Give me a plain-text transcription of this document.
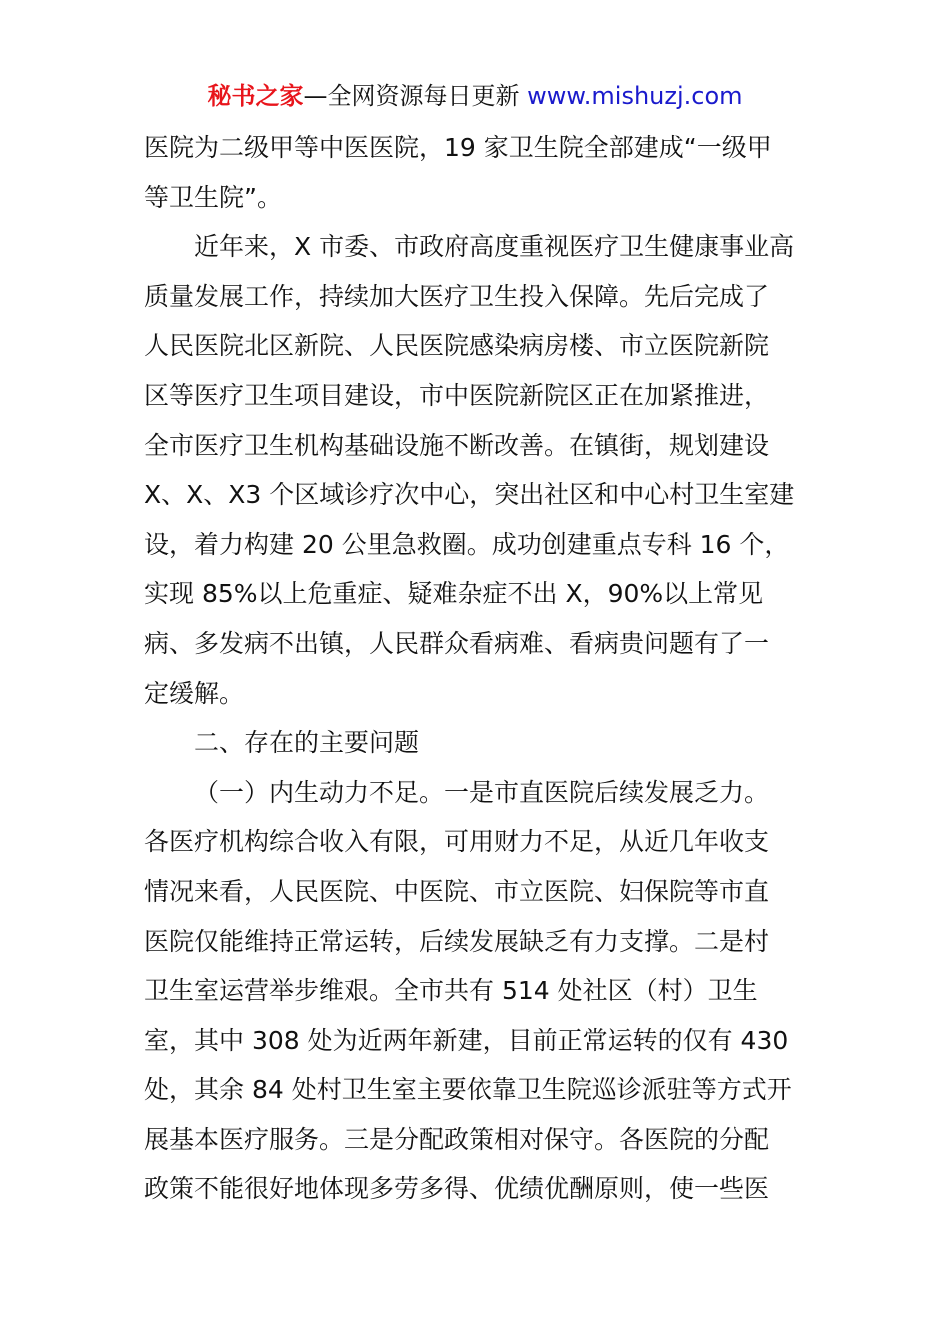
秘书之家—全网资源每日更新 www.mishuzj.com
医院为二级甲等中医医院，19 家卫生院全部建成“一级甲
等卫生院”。
近年来，X 市委、市政府高度重视医疗卫生健康事业高
质量发展工作，持续加大医疗卫生投入保障。先后完成了
人民医院北区新院、人民医院感染病房楼、市立医院新院
区等医疗卫生项目建设，市中医院新院区正在加紧推进，
全市医疗卫生机构基础设施不断改善。在镇街，规划建设
X、X、X3 个区域诊疗次中心，突出社区和中心村卫生室建
设，着力构建 20 公里急救圈。成功创建重点专科 16 个，
实现 85%以上危重症、疑难杂症不出 X，90%以上常见
病、多发病不出镇，人民群众看病难、看病贵问题有了一
定缓解。
二、存在的主要问题
（一）内生动力不足。一是市直医院后续发展乏力。
各医疗机构综合收入有限，可用财力不足，从近几年收支
情况来看，人民医院、中医院、市立医院、妇保院等市直
医院仅能维持正常运转，后续发展缺乏有力支撑。二是村
卫生室运营举步维艰。全市共有 514 处社区（村）卫生
室，其中 308 处为近两年新建，目前正常运转的仅有 430
处，其余 84 处村卫生室主要依靠卫生院巡诊派驻等方式开
展基本医疗服务。三是分配政策相对保守。各医院的分配
政策不能很好地体现多劳多得、优绩优酬原则，使一些医
